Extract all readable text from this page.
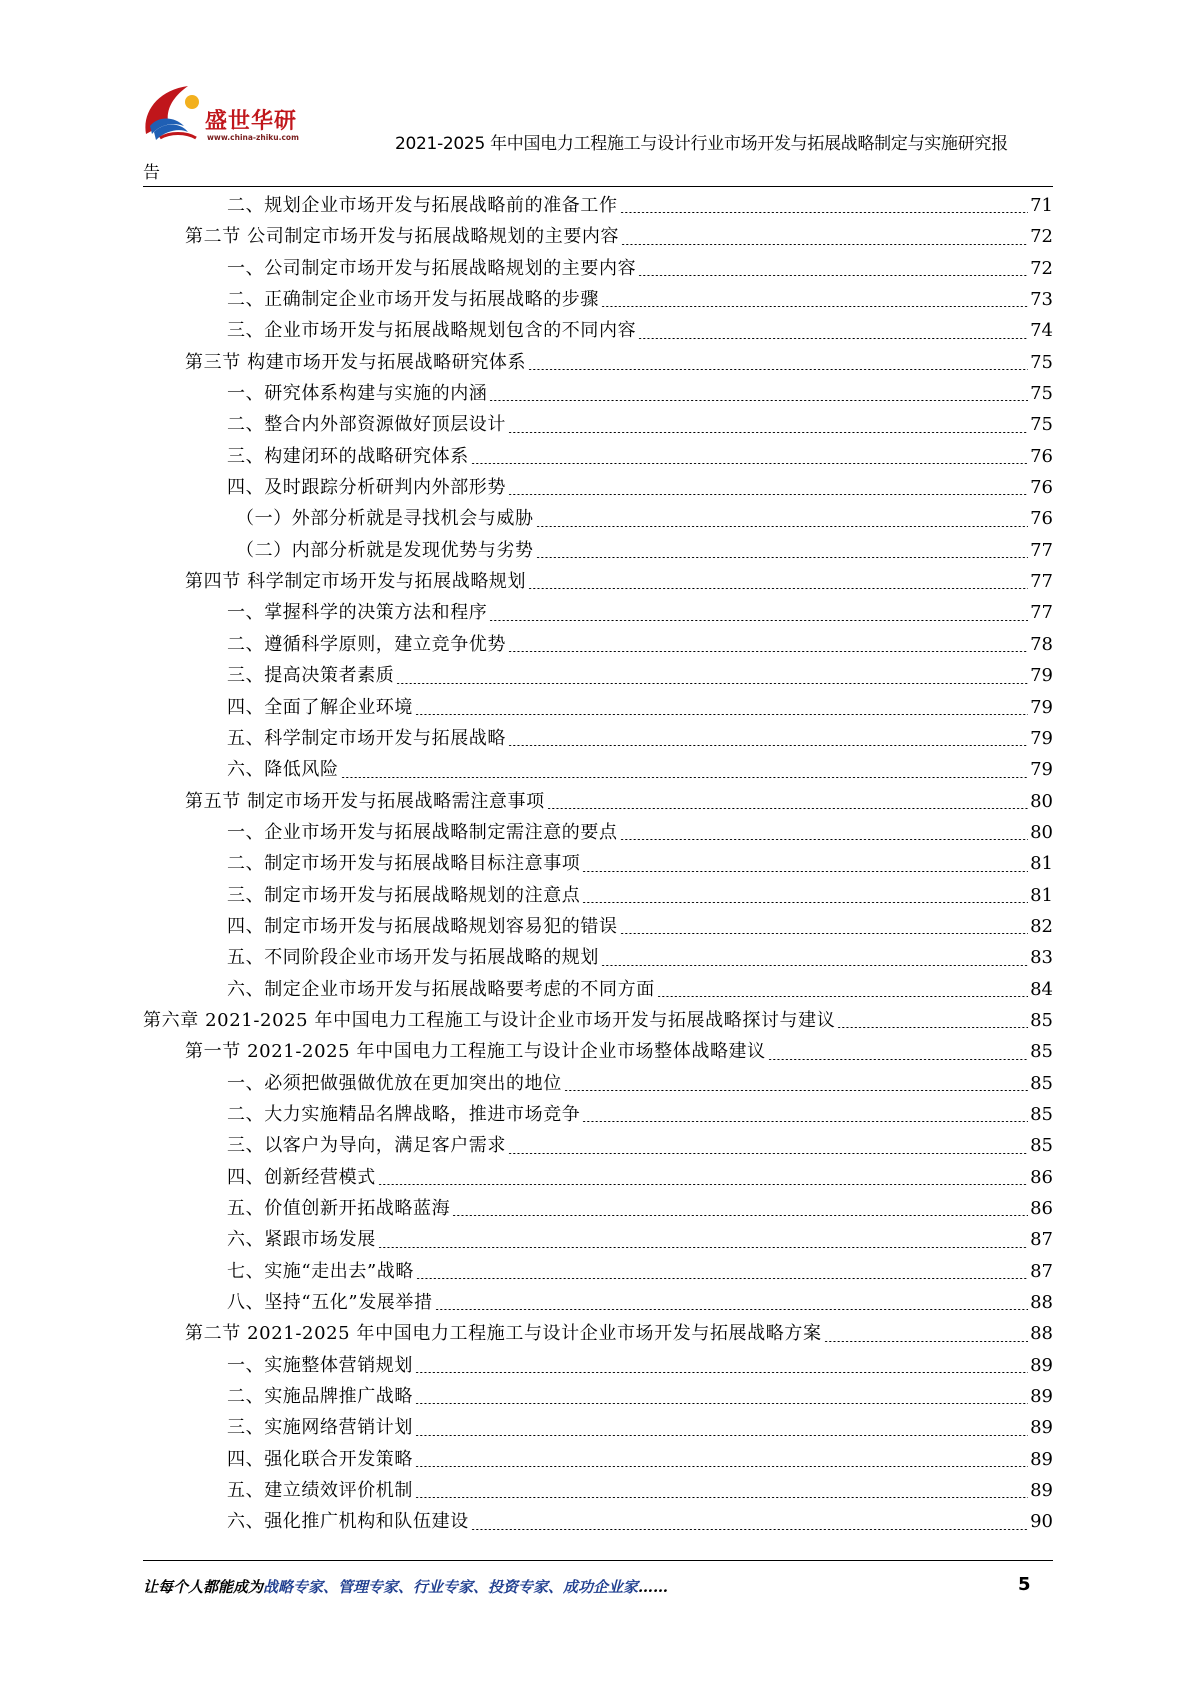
盛世华研
www.china-zhiku.com	2021-2025 年中国电力工程施工与设计行业市场开发与拓展战略制定与实施研究报
告
二、规划企业市场开发与拓展战略前的准备工作	71
第二节 公司制定市场开发与拓展战略规划的主要内容	72
一、公司制定市场开发与拓展战略规划的主要内容	72
二、正确制定企业市场开发与拓展战略的步骤	73
三、企业市场开发与拓展战略规划包含的不同内容	74
第三节 构建市场开发与拓展战略研究体系	75
一、研究体系构建与实施的内涵	75
二、整合内外部资源做好顶层设计	75
三、构建闭环的战略研究体系	76
四、及时跟踪分析研判内外部形势	76
（一）外部分析就是寻找机会与威胁	76
（二）内部分析就是发现优势与劣势	77
第四节 科学制定市场开发与拓展战略规划	77
一、掌握科学的决策方法和程序	77
二、遵循科学原则，建立竞争优势	78
三、提高决策者素质	79
四、全面了解企业环境	79
五、科学制定市场开发与拓展战略	79
六、降低风险	79
第五节 制定市场开发与拓展战略需注意事项	80
一、企业市场开发与拓展战略制定需注意的要点	80
二、制定市场开发与拓展战略目标注意事项	81
三、制定市场开发与拓展战略规划的注意点	81
四、制定市场开发与拓展战略规划容易犯的错误	82
五、不同阶段企业市场开发与拓展战略的规划	83
六、制定企业市场开发与拓展战略要考虑的不同方面	84
第六章 2021-2025 年中国电力工程施工与设计企业市场开发与拓展战略探讨与建议	85
第一节 2021-2025 年中国电力工程施工与设计企业市场整体战略建议	85
一、必须把做强做优放在更加突出的地位	85
二、大力实施精品名牌战略，推进市场竞争	85
三、以客户为导向，满足客户需求	85
四、创新经营模式	86
五、价值创新开拓战略蓝海	86
六、紧跟市场发展	87
七、实施“走出去”战略	87
八、坚持“五化”发展举措	88
第二节 2021-2025 年中国电力工程施工与设计企业市场开发与拓展战略方案	88
一、实施整体营销规划	89
二、实施品牌推广战略	89
三、实施网络营销计划	89
四、强化联合开发策略	89
五、建立绩效评价机制	89
六、强化推广机构和队伍建设	90
让每个人都能成为战略专家、管理专家、行业专家、投资专家、成功企业家……	5
